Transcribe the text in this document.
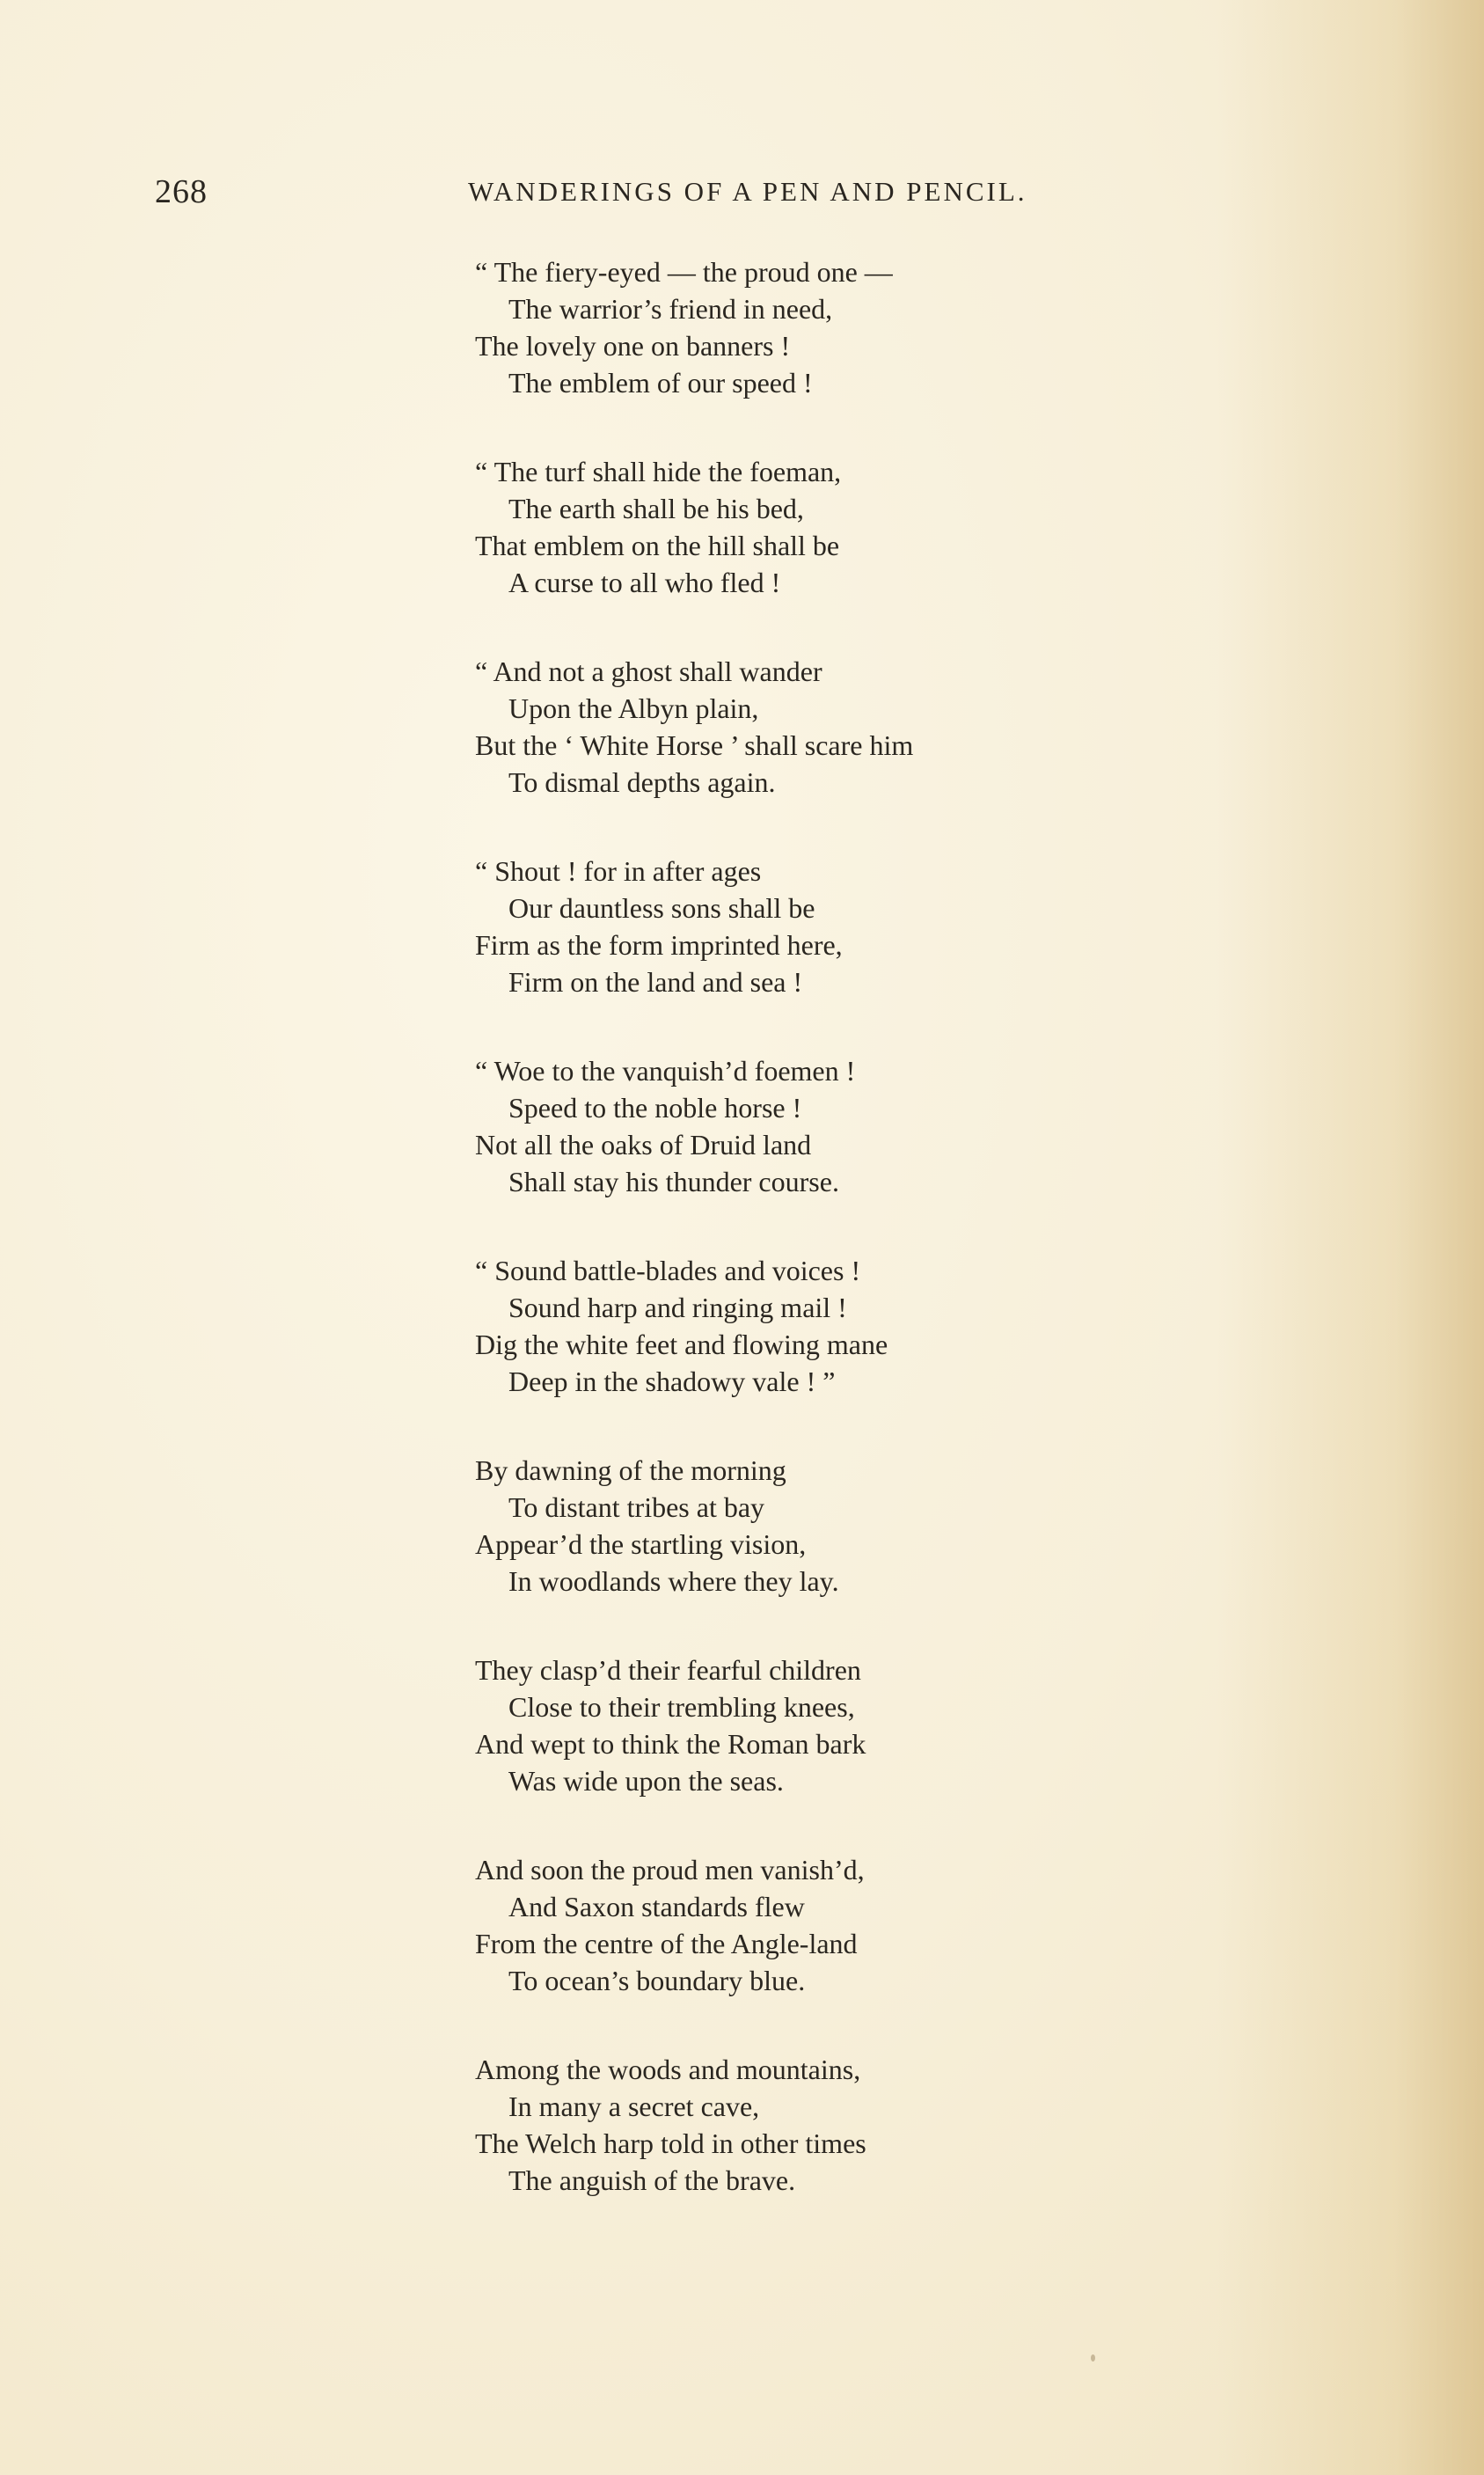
268	WANDERINGS OF A PEN AND PENCIL.
“ The fiery-eyed — the proud one —
The warrior’s friend in need,
The lovely one on banners !
The emblem of our speed !
“ The turf shall hide the foeman,
The earth shall be his bed,
That emblem on the hill shall be
A curse to all who fled !
“ And not a ghost shall wander
Upon the Albyn plain,
But the ‘ White Horse ’ shall scare him
To dismal depths again.
“ Shout ! for in after ages
Our dauntless sons shall be
Firm as the form imprinted here,
Firm on the land and sea !
“ Woe to the vanquish’d foemen !
Speed to the noble horse !
Not all the oaks of Druid land
Shall stay his thunder course.
“ Sound battle-blades and voices !
Sound harp and ringing mail !
Dig the white feet and flowing mane
Deep in the shadowy vale ! ”
By dawning of the morning
To distant tribes at bay
Appear’d the startling vision,
In woodlands where they lay.
They clasp’d their fearful children
Close to their trembling knees,
And wept to think the Roman bark
Was wide upon the seas.
And soon the proud men vanish’d,
And Saxon standards flew
From the centre of the Angle-land
To ocean’s boundary blue.
Among the woods and mountains,
In many a secret cave,
The Welch harp told in other times
The anguish of the brave.
